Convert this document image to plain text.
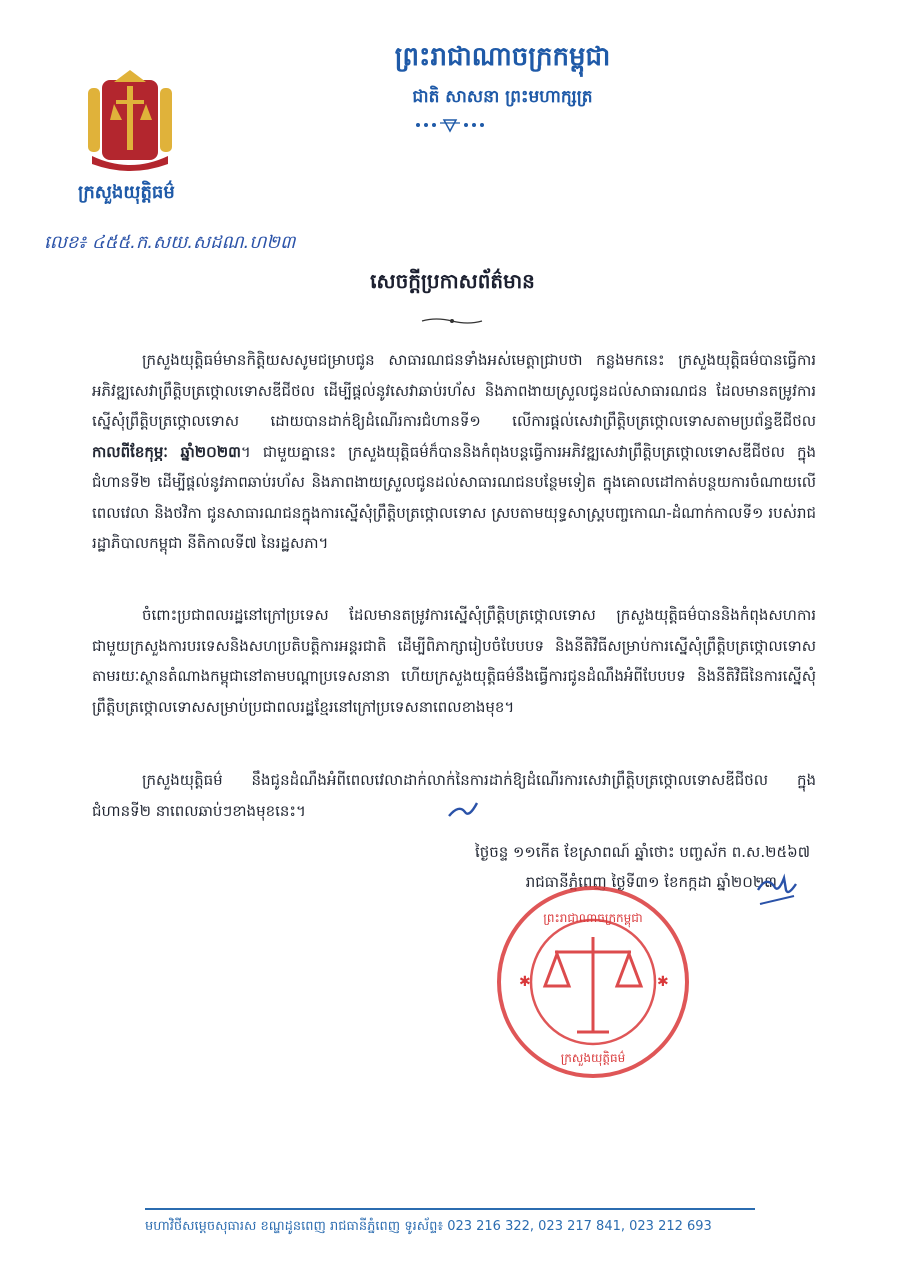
ព្រះរាជាណាចក្រកម្ពុជា
ជាតិ សាសនា ព្រះមហាក្សត្រ
ក្រសួងយុត្តិធម៌
លេខ៖ ៤៥៥.ក.សយ.សដណ.ហ២៣
សេចក្តីប្រកាសព័ត៌មាន
ក្រសួងយុត្តិធម៌មានកិត្តិយសសូមជម្រាបជូន សាធារណជនទាំងអស់មេត្តាជ្រាបថា កន្លងមកនេះ ក្រសួងយុត្តិធម៌បានធ្វើការអភិវឌ្ឍសេវាព្រឹត្តិបត្រថ្កោលទោសឌីជីថល ដើម្បីផ្តល់នូវសេវាឆាប់រហ័ស និងភាពងាយស្រួលជូនដល់សាធារណជន ដែលមានតម្រូវការស្នើសុំព្រឹត្តិបត្រថ្កោលទោស ដោយបានដាក់ឱ្យដំណើរការជំហានទី១ លើការផ្តល់សេវាព្រឹត្តិបត្រថ្កោលទោសតាមប្រព័ន្ធឌីជីថល កាលពីខែកុម្ភៈ ឆ្នាំ២០២៣។ ជាមួយគ្នានេះ ក្រសួងយុត្តិធម៌ក៏បាននិងកំពុងបន្តធ្វើការអភិវឌ្ឍសេវាព្រឹត្តិបត្រថ្កោលទោសឌីជីថល ក្នុងជំហានទី២ ដើម្បីផ្តល់នូវភាពឆាប់រហ័ស និងភាពងាយស្រួលជូនដល់សាធារណជនបន្ថែមទៀត ក្នុងគោលដៅកាត់បន្ថយការចំណាយលើពេលវេលា និងថវិកា ជូនសាធារណជនក្នុងការស្នើសុំព្រឹត្តិបត្រថ្កោលទោស ស្របតាមយុទ្ធសាស្ត្របញ្ចកោណ-ដំណាក់កាលទី១ របស់រាជរដ្ឋាភិបាលកម្ពុជា នីតិកាលទី៧ នៃរដ្ឋសភា។
ចំពោះប្រជាពលរដ្ឋនៅក្រៅប្រទេស ដែលមានតម្រូវការស្នើសុំព្រឹត្តិបត្រថ្កោលទោស ក្រសួងយុត្តិធម៌បាននិងកំពុងសហការជាមួយក្រសួងការបរទេសនិងសហប្រតិបត្តិការអន្តរជាតិ ដើម្បីពិភាក្សារៀបចំបែបបទ និងនីតិវិធីសម្រាប់ការស្នើសុំព្រឹត្តិបត្រថ្កោលទោសតាមរយៈស្ថានតំណាងកម្ពុជានៅតាមបណ្តាប្រទេសនានា ហើយក្រសួងយុត្តិធម៌នឹងធ្វើការជូនដំណឹងអំពីបែបបទ និងនីតិវិធីនៃការស្នើសុំព្រឹត្តិបត្រថ្កោលទោសសម្រាប់ប្រជាពលរដ្ឋខ្មែរនៅក្រៅប្រទេសនាពេលខាងមុខ។
ក្រសួងយុត្តិធម៌ នឹងជូនដំណឹងអំពីពេលវេលាដាក់លាក់នៃការដាក់ឱ្យដំណើរការសេវាព្រឹត្តិបត្រថ្កោលទោសឌីជីថល ក្នុងជំហានទី២ នាពេលឆាប់ៗខាងមុខនេះ។
ថ្ងៃចន្ទ ១១កើត ខែស្រាពណ៍ ឆ្នាំថោះ បញ្ចស័ក ព.ស.២៥៦៧
រាជធានីភ្នំពេញ ថ្ងៃទី៣១ ខែកក្កដា ឆ្នាំ២០២៣
ព្រះរាជាណាចក្រកម្ពុជា
ក្រសួងយុត្តិធម៌
✱	✱
មហាវិថីសម្តេចសុធារស ខណ្ឌដូនពេញ រាជធានីភ្នំពេញ ទូរស័ព្ទ៖ 023 216 322, 023 217 841, 023 212 693
